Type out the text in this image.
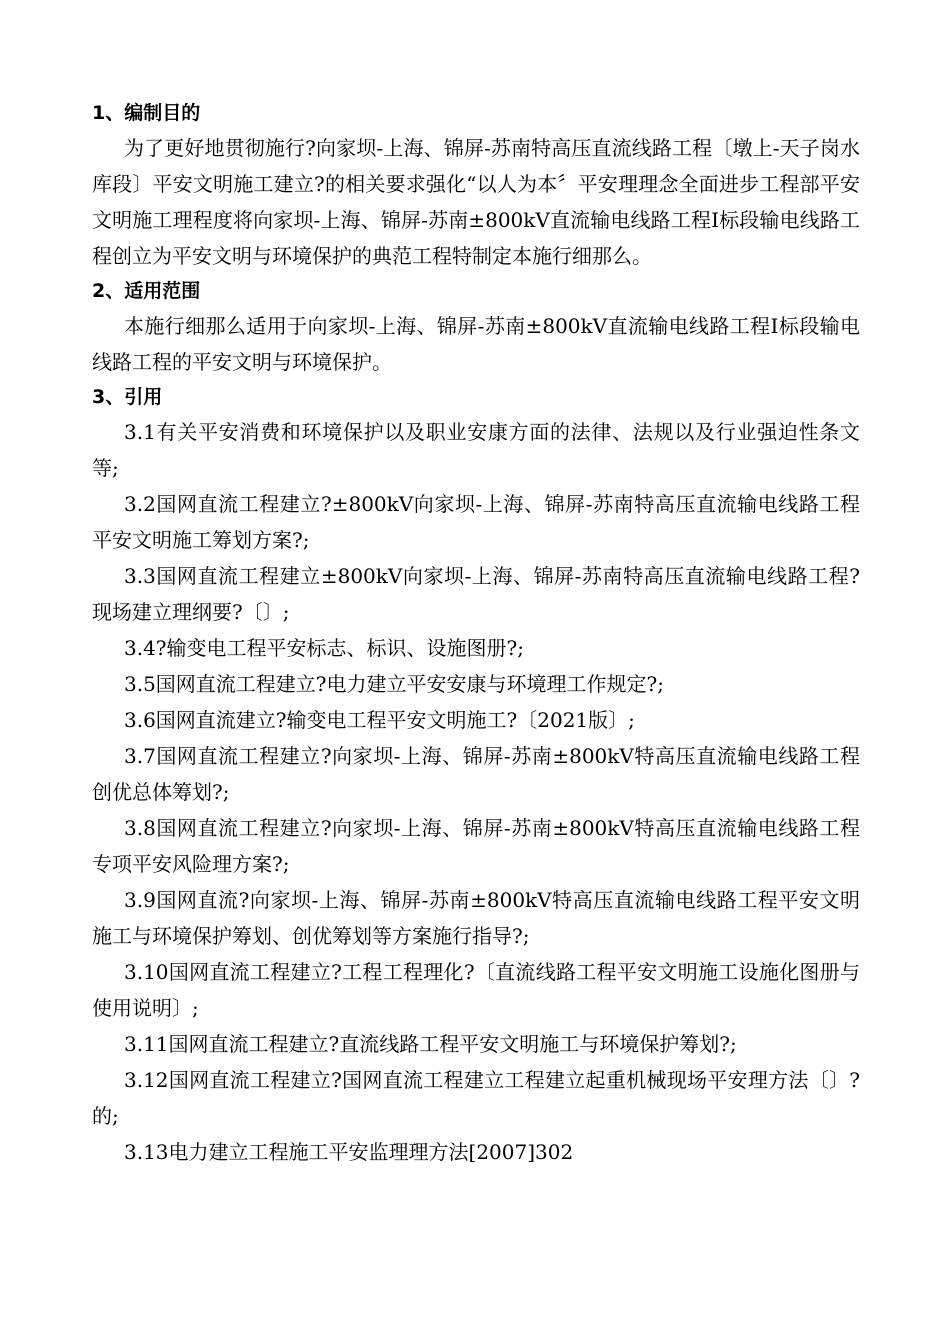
1、编制目的

为了更好地贯彻施行?向家坝-上海、锦屏-苏南特高压直流线路工程〔墩上-天子岗水库段〕平安文明施工建立?的相关要求强化“以人为本〞平安理理念全面进步工程部平安文明施工理程度将向家坝-上海、锦屏-苏南±800kV直流输电线路工程Ⅰ标段输电线路工程创立为平安文明与环境保护的典范工程特制定本施行细那么。

2、适用范围

本施行细那么适用于向家坝-上海、锦屏-苏南±800kV直流输电线路工程Ⅰ标段输电线路工程的平安文明与环境保护。

3、引用

3.1有关平安消费和环境保护以及职业安康方面的法律、法规以及行业强迫性条文等;

3.2国网直流工程建立?±800kV向家坝-上海、锦屏-苏南特高压直流输电线路工程平安文明施工筹划方案?;

3.3国网直流工程建立±800kV向家坝-上海、锦屏-苏南特高压直流输电线路工程?现场建立理纲要?〔〕;

3.4?输变电工程平安标志、标识、设施图册?;

3.5国网直流工程建立?电力建立平安安康与环境理工作规定?;

3.6国网直流建立?输变电工程平安文明施工?〔2021版〕;

3.7国网直流工程建立?向家坝-上海、锦屏-苏南±800kV特高压直流输电线路工程创优总体筹划?;

3.8国网直流工程建立?向家坝-上海、锦屏-苏南±800kV特高压直流输电线路工程专项平安风险理方案?;

3.9国网直流?向家坝-上海、锦屏-苏南±800kV特高压直流输电线路工程平安文明施工与环境保护筹划、创优筹划等方案施行指导?;

3.10国网直流工程建立?工程工程理化?〔直流线路工程平安文明施工设施化图册与使用说明〕;

3.11国网直流工程建立?直流线路工程平安文明施工与环境保护筹划?;

3.12国网直流工程建立?国网直流工程建立工程建立起重机械现场平安理方法〔〕?的;

3.13电力建立工程施工平安监理理方法[2007]302
